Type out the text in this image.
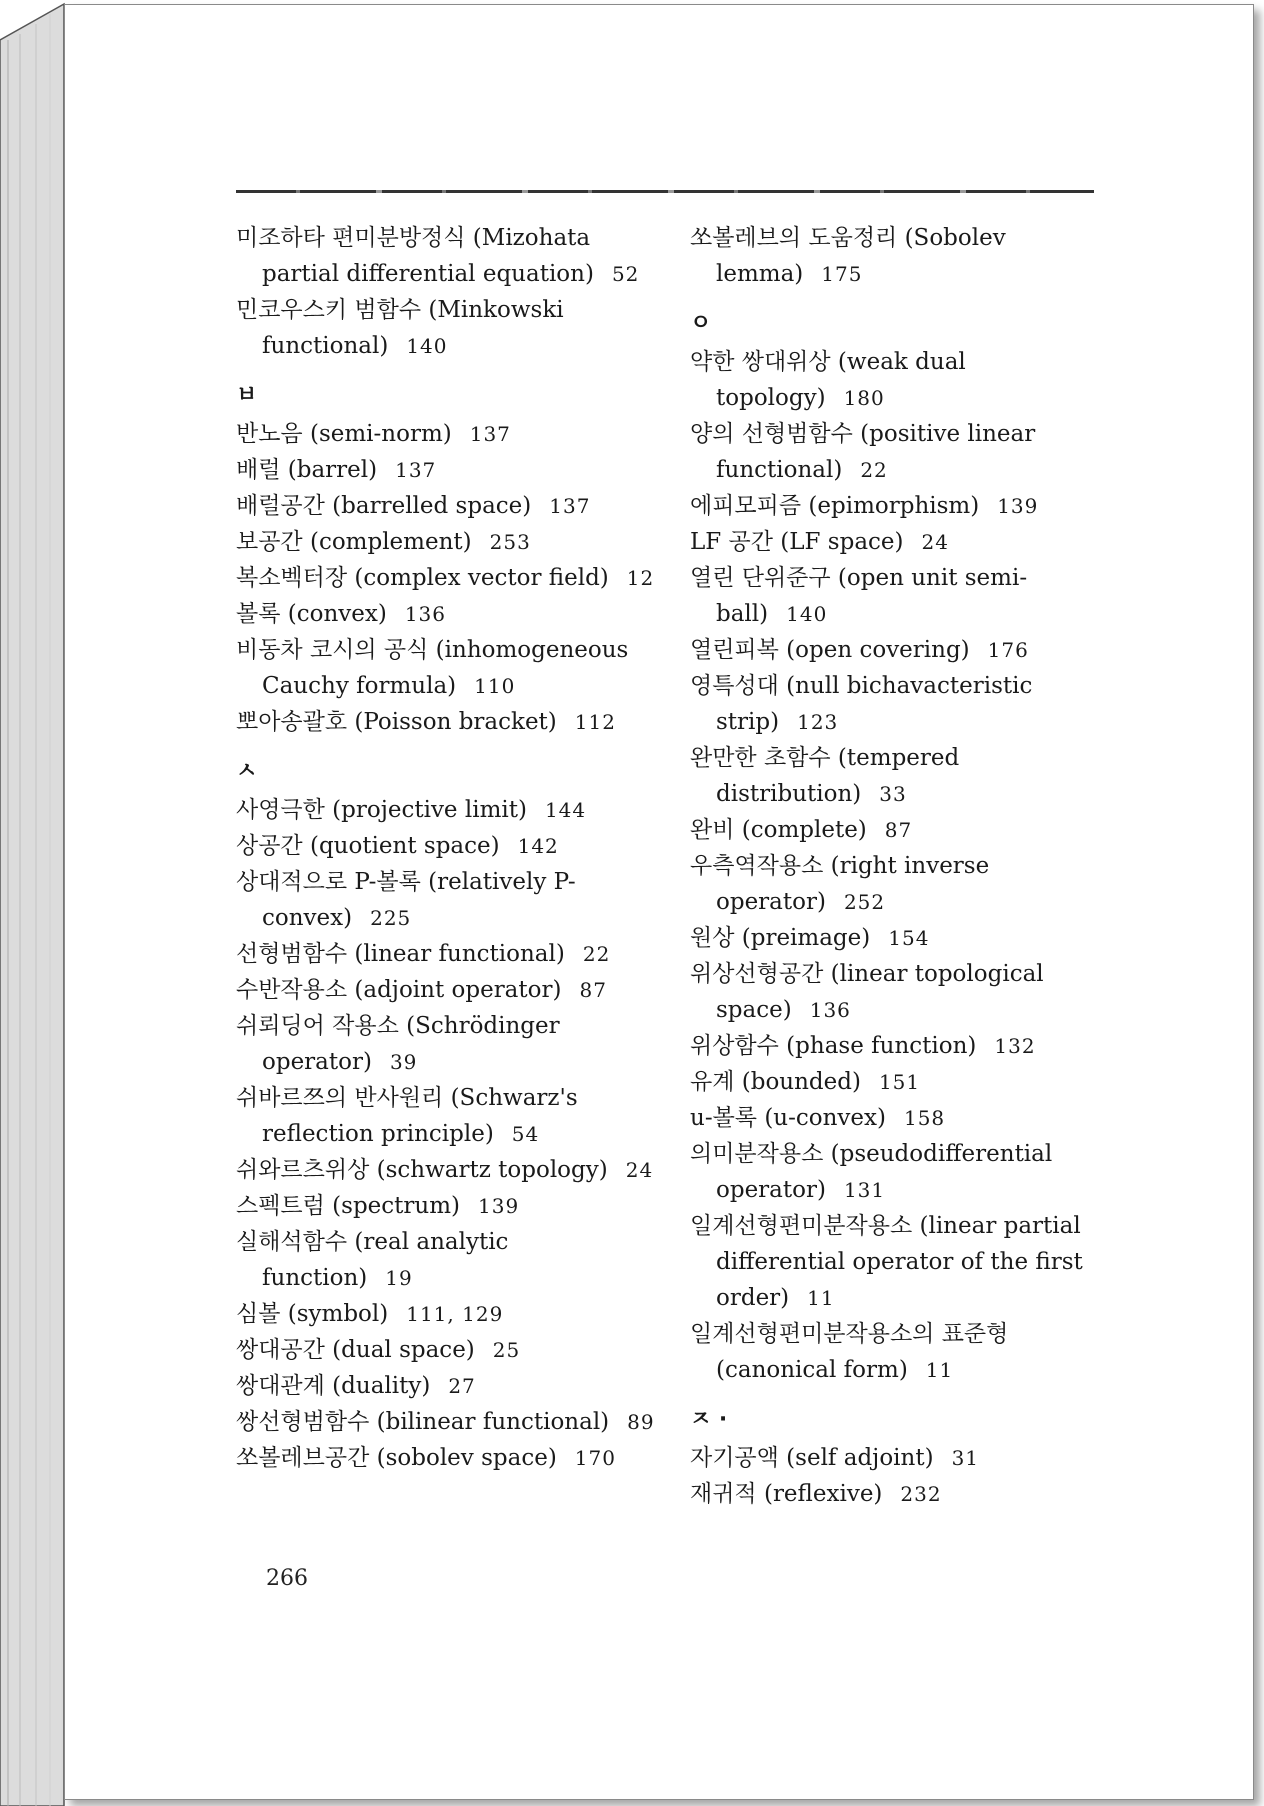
미조하타 편미분방정식 (Mizohata partial differential equation) 52
민코우스키 범함수 (Minkowski functional) 140
ㅂ
반노음 (semi-norm) 137
배럴 (barrel) 137
배럴공간 (barrelled space) 137
보공간 (complement) 253
복소벡터장 (complex vector field) 12
볼록 (convex) 136
비동차 코시의 공식 (inhomogeneous Cauchy formula) 110
뽀아송괄호 (Poisson bracket) 112
ㅅ
사영극한 (projective limit) 144
상공간 (quotient space) 142
상대적으로 P-볼록 (relatively P-convex) 225
선형범함수 (linear functional) 22
수반작용소 (adjoint operator) 87
쉬뢰딩어 작용소 (Schrödinger operator) 39
쉬바르쯔의 반사원리 (Schwarz's reflection principle) 54
쉬와르츠위상 (schwartz topology) 24
스펙트럼 (spectrum) 139
실해석함수 (real analytic function) 19
심볼 (symbol) 111, 129
쌍대공간 (dual space) 25
쌍대관계 (duality) 27
쌍선형범함수 (bilinear functional) 89
쏘볼레브공간 (sobolev space) 170
쏘볼레브의 도움정리 (Sobolev lemma) 175
ㅇ
약한 쌍대위상 (weak dual topology) 180
양의 선형범함수 (positive linear functional) 22
에피모피즘 (epimorphism) 139
LF 공간 (LF space) 24
열린 단위준구 (open unit semi-ball) 140
열린피복 (open covering) 176
영특성대 (null bichavacteristic strip) 123
완만한 초함수 (tempered distribution) 33
완비 (complete) 87
우측역작용소 (right inverse operator) 252
원상 (preimage) 154
위상선형공간 (linear topological space) 136
위상함수 (phase function) 132
유계 (bounded) 151
u-볼록 (u-convex) 158
의미분작용소 (pseudodifferential operator) 131
일계선형편미분작용소 (linear partial differential operator of the first order) 11
일계선형편미분작용소의 표준형 (canonical form) 11
ㅈ ·
자기공액 (self adjoint) 31
재귀적 (reflexive) 232
266
